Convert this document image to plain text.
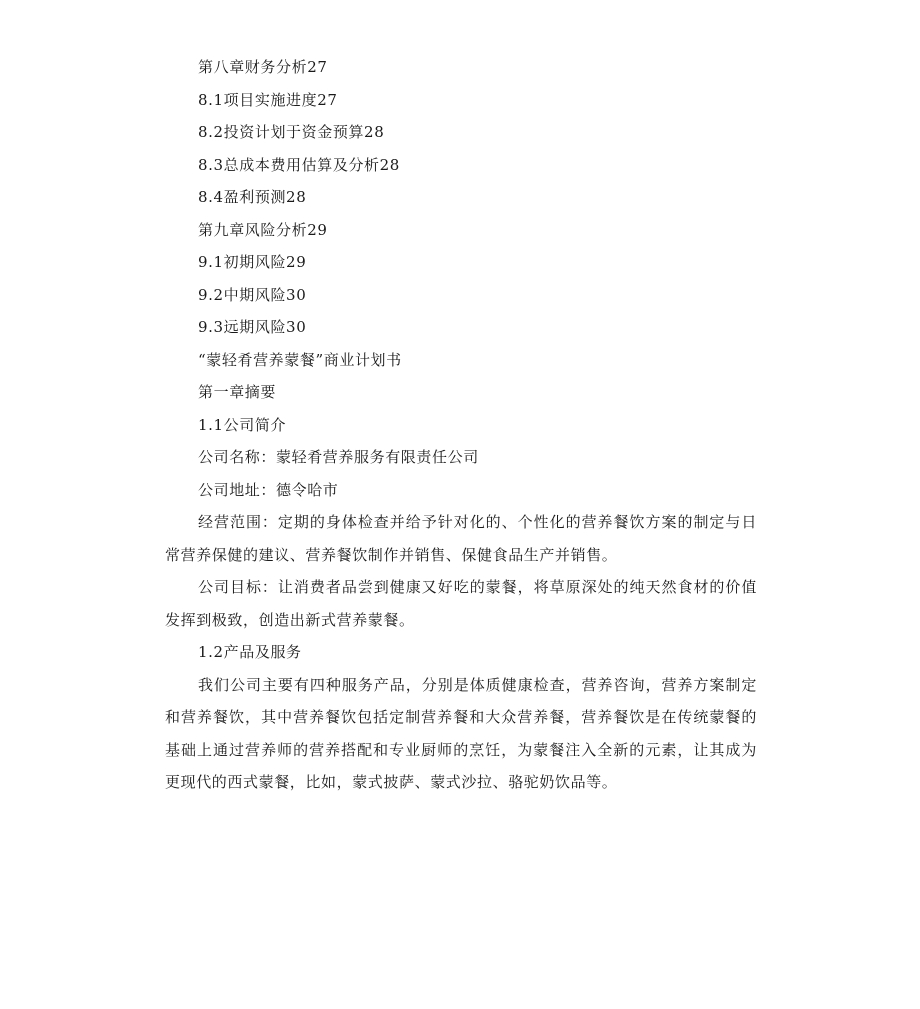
第八章财务分析27
8.1项目实施进度27
8.2投资计划于资金预算28
8.3总成本费用估算及分析28
8.4盈利预测28
第九章风险分析29
9.1初期风险29
9.2中期风险30
9.3远期风险30
“蒙轻肴营养蒙餐”商业计划书
第一章摘要
1.1公司简介
公司名称：蒙轻肴营养服务有限责任公司
公司地址：德令哈市
经营范围：定期的身体检查并给予针对化的、个性化的营养餐饮方案的制定与日常营养保健的建议、营养餐饮制作并销售、保健食品生产并销售。
公司目标：让消费者品尝到健康又好吃的蒙餐，将草原深处的纯天然食材的价值发挥到极致，创造出新式营养蒙餐。
1.2产品及服务
我们公司主要有四种服务产品，分别是体质健康检查，营养咨询，营养方案制定和营养餐饮，其中营养餐饮包括定制营养餐和大众营养餐，营养餐饮是在传统蒙餐的基础上通过营养师的营养搭配和专业厨师的烹饪，为蒙餐注入全新的元素，让其成为更现代的西式蒙餐，比如，蒙式披萨、蒙式沙拉、骆驼奶饮品等。
